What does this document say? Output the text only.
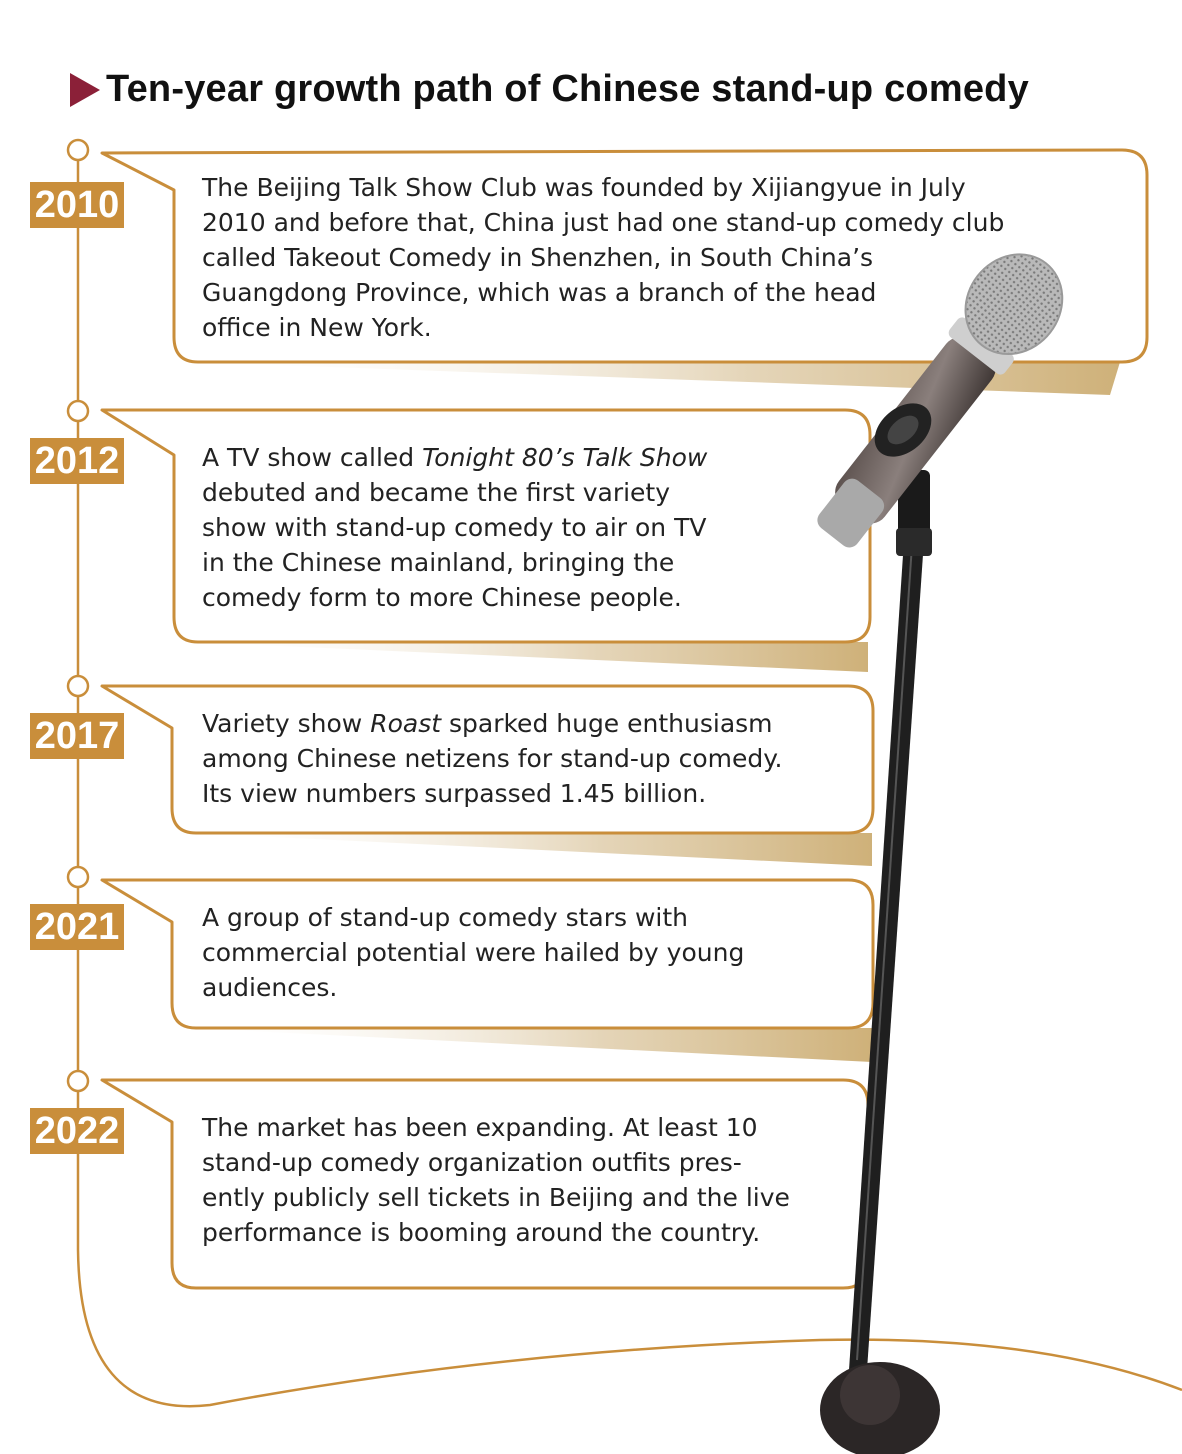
Ten-year growth path of Chinese stand-up comedy
2010
2012
2017
2021
2022
The Beijing Talk Show Club was founded by Xijiangyue in July
2010 and before that, China just had one stand-up comedy club
called Takeout Comedy in Shenzhen, in South China’s
Guangdong Province, which was a branch of the head
office in New York.
A TV show called Tonight 80’s Talk Show
debuted and became the first variety
show with stand-up comedy to air on TV
in the Chinese mainland, bringing the
comedy form to more Chinese people.
Variety show Roast sparked huge enthusiasm
among Chinese netizens for stand-up comedy.
Its view numbers surpassed 1.45 billion.
A group of stand-up comedy stars with
commercial potential were hailed by young
audiences.
The market has been expanding. At least 10
stand-up comedy organization outfits pres-
ently publicly sell tickets in Beijing and the live
performance is booming around the country.
